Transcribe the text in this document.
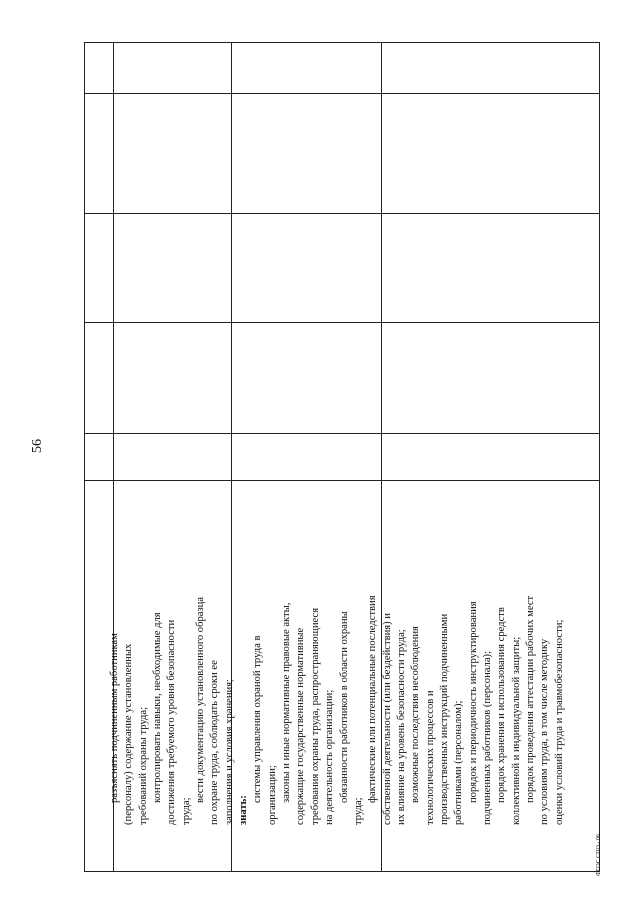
56

разъяснять подчиненным работникам (персоналу) содержание установленных требований охраны труда; контролировать навыки, необходимые для достижения требуемого уровня безопасности труда;

вести документацию установленного образца по охране труда, соблюдать сроки ее заполнения и условия хранения; знать:

системы управления охраной труда в организации; законы и иные нормативные правовые акты, содержащие государственные нормативные требования охраны труда, распространяющиеся на деятельность организации; обязанности работников в области охраны

труда;

фактические или потенциальные последствия собственной деятельности (или бездействия) и их влияние на уровень безопасности труда; возможные последствия несоблюдения технологических процессов и производственных инструкций подчиненными работниками (персоналом); порядок и периодичность инструктирования подчиненных работников (персонала); порядок хранения и использования средств коллективной и индивидуальной защиты; порядок проведения аттестации рабочих мест по условиям труда, в том числе методику оценки условий труда и травмобезопасности;

ФГОС СПО - 06
